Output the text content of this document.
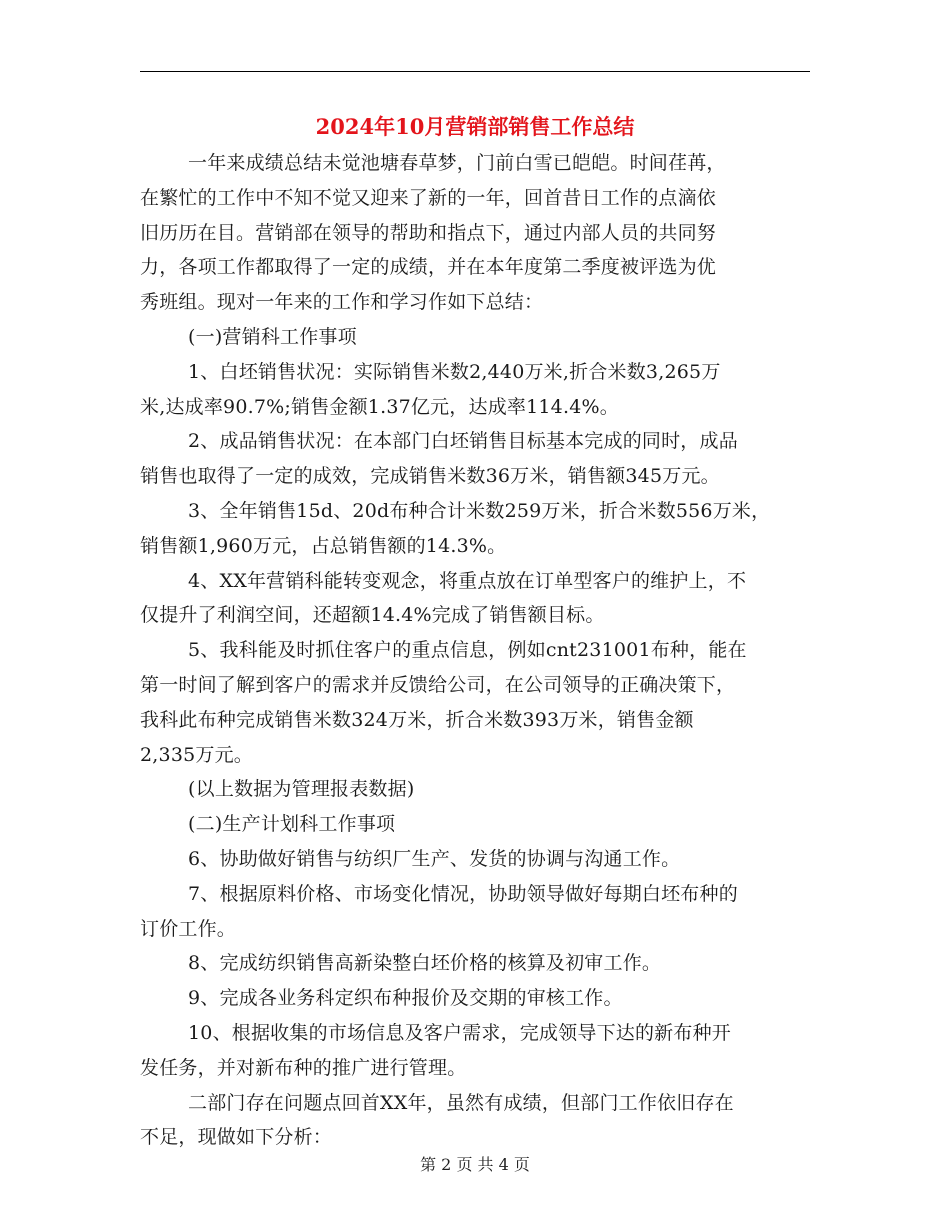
2024年10月营销部销售工作总结
一年来成绩总结未觉池塘春草梦，门前白雪已皑皑。时间荏苒，
在繁忙的工作中不知不觉又迎来了新的一年，回首昔日工作的点滴依
旧历历在目。营销部在领导的帮助和指点下，通过内部人员的共同努
力，各项工作都取得了一定的成绩，并在本年度第二季度被评选为优
秀班组。现对一年来的工作和学习作如下总结：
(一)营销科工作事项
1、白坯销售状况：实际销售米数2,440万米,折合米数3,265万
米,达成率90.7%;销售金额1.37亿元，达成率114.4%。
2、成品销售状况：在本部门白坯销售目标基本完成的同时，成品
销售也取得了一定的成效，完成销售米数36万米，销售额345万元。
3、全年销售15d、20d布种合计米数259万米，折合米数556万米，
销售额1,960万元，占总销售额的14.3%。
4、XX年营销科能转变观念，将重点放在订单型客户的维护上，不
仅提升了利润空间，还超额14.4%完成了销售额目标。
5、我科能及时抓住客户的重点信息，例如cnt231001布种，能在
第一时间了解到客户的需求并反馈给公司，在公司领导的正确决策下，
我科此布种完成销售米数324万米，折合米数393万米，销售金额
2,335万元。
(以上数据为管理报表数据)
(二)生产计划科工作事项
6、协助做好销售与纺织厂生产、发货的协调与沟通工作。
7、根据原料价格、市场变化情况，协助领导做好每期白坯布种的
订价工作。
8、完成纺织销售高新染整白坯价格的核算及初审工作。
9、完成各业务科定织布种报价及交期的审核工作。
10、根据收集的市场信息及客户需求，完成领导下达的新布种开
发任务，并对新布种的推广进行管理。
二部门存在问题点回首XX年，虽然有成绩，但部门工作依旧存在
不足，现做如下分析：
第 2 页 共 4 页
